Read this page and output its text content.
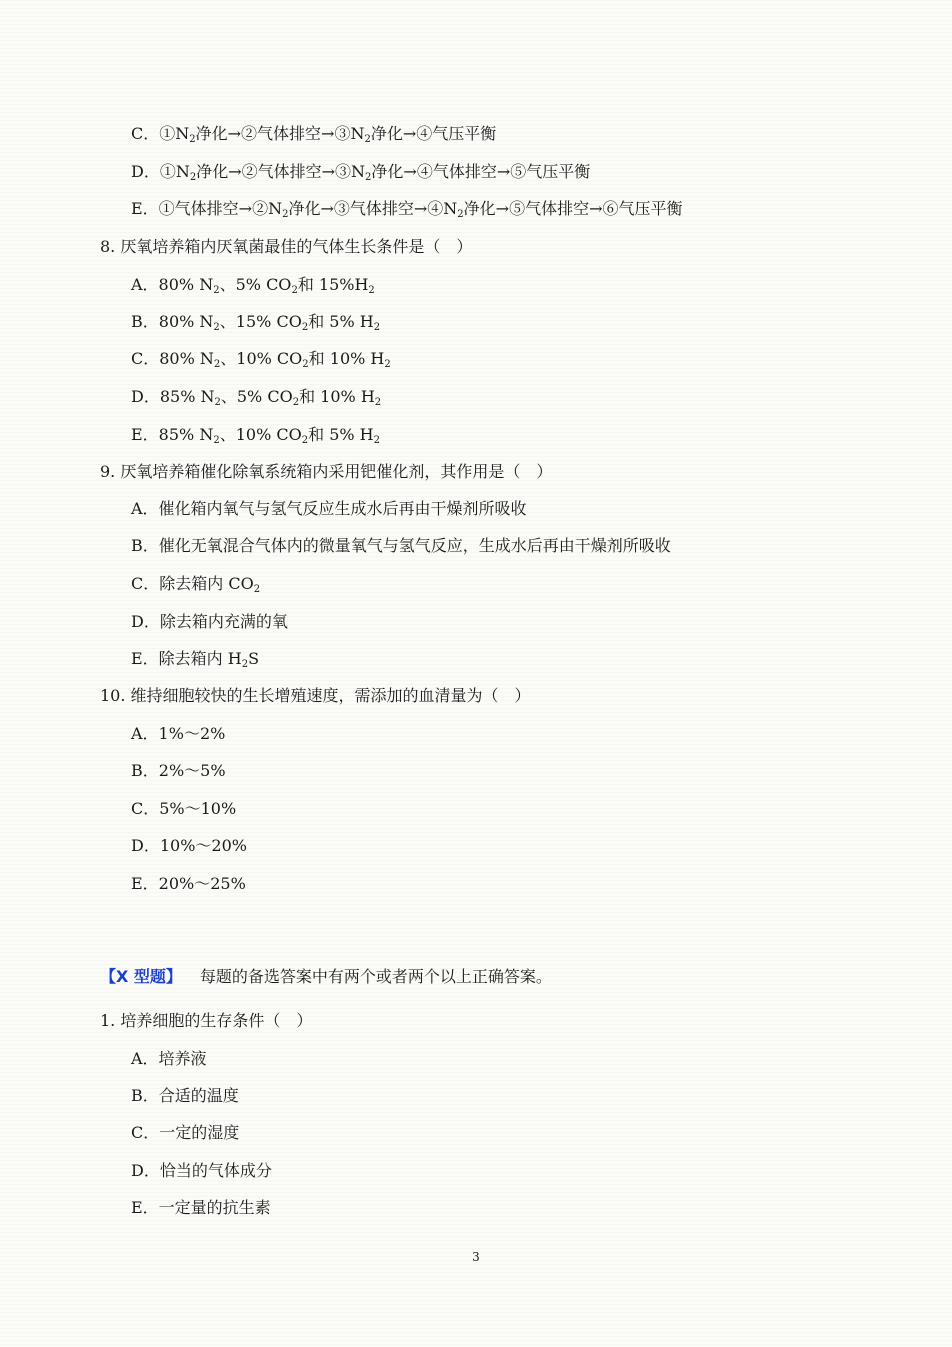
C．$①N_2$净化→②气体排空$\to ③N_2$净化→④气压平衡
D．$①N_2$净化→②气体排空$\to ③N_2$净化→④气体排空→⑤气压平衡
E．①气体排空$\to ②N_2$净化→③气体排空$\to ④N_2$净化→⑤气体排空→⑥气压平衡
8. 厌氧培养箱内厌氧菌最佳的气体生长条件是（　）
A．80% $N_2$、5% $CO_2$和 $15\%H_2$
B．80% $N_2$、15% $CO_2$和 5% $H_2$
C．80% $N_2$、10% $CO_2$和 10% $H_2$
D．85% $N_2$、5% $CO_2$和 10% $H_2$
E．85% $N_2$、10% $CO_2$和 5% $H_2$
9. 厌氧培养箱催化除氧系统箱内采用钯催化剂，其作用是（　）
A．催化箱内氧气与氢气反应生成水后再由干燥剂所吸收
B．催化无氧混合气体内的微量氧气与氢气反应，生成水后再由干燥剂所吸收
C．除去箱内 $CO_2$
D．除去箱内充满的氧
E．除去箱内 $H_2S$
10. 维持细胞较快的生长增殖速度，需添加的血清量为（　）
A．1%～2%
B．2%～5%
C．5%～10%
D．10%～20%
E．20%～25%
【X 型题】 每题的备选答案中有两个或者两个以上正确答案。
1. 培养细胞的生存条件（　）
A．培养液
B．合适的温度
C．一定的湿度
D．恰当的气体成分
E．一定量的抗生素
3
